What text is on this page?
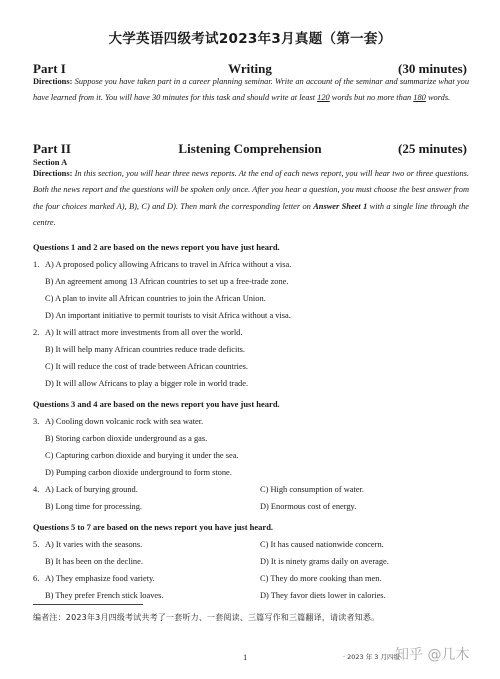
大学英语四级考试2023年3月真题（第一套）
Part I	Writing	(30 minutes)
Directions: Suppose you have taken part in a career planning seminar. Write an account of the seminar and summarize what you have learned from it. You will have 30 minutes for this task and should write at least 120 words but no more than 180 words.
Part II	Listening Comprehension	(25 minutes)
Section A
Directions: In this section, you will hear three news reports. At the end of each news report, you will hear two or three questions. Both the news report and the questions will be spoken only once. After you hear a question, you must choose the best answer from the four choices marked A), B), C) and D). Then mark the corresponding letter on Answer Sheet 1 with a single line through the centre.
Questions 1 and 2 are based on the news report you have just heard.
1. A) A proposed policy allowing Africans to travel in Africa without a visa.
B) An agreement among 13 African countries to set up a free-trade zone.
C) A plan to invite all African countries to join the African Union.
D) An important initiative to permit tourists to visit Africa without a visa.
2. A) It will attract more investments from all over the world.
B) It will help many African countries reduce trade deficits.
C) It will reduce the cost of trade between African countries.
D) It will allow Africans to play a bigger role in world trade.
Questions 3 and 4 are based on the news report you have just heard.
3. A) Cooling down volcanic rock with sea water.
B) Storing carbon dioxide underground as a gas.
C) Capturing carbon dioxide and burying it under the sea.
D) Pumping carbon dioxide underground to form stone.
4. A) Lack of burying ground.	C) High consumption of water.
B) Long time for processing.	D) Enormous cost of energy.
Questions 5 to 7 are based on the news report you have just heard.
5. A) It varies with the seasons.	C) It has caused nationwide concern.
B) It has been on the decline.	D) It is ninety grams daily on average.
6. A) They emphasize food variety.	C) They do more cooking than men.
B) They prefer French stick loaves.	D) They favor diets lower in calories.
编者注：2023年3月四级考试共考了一套听力、一套阅读、三篇写作和三篇翻译，请读者知悉。
1	· 2023 年 3 月四级
知乎 @几木
